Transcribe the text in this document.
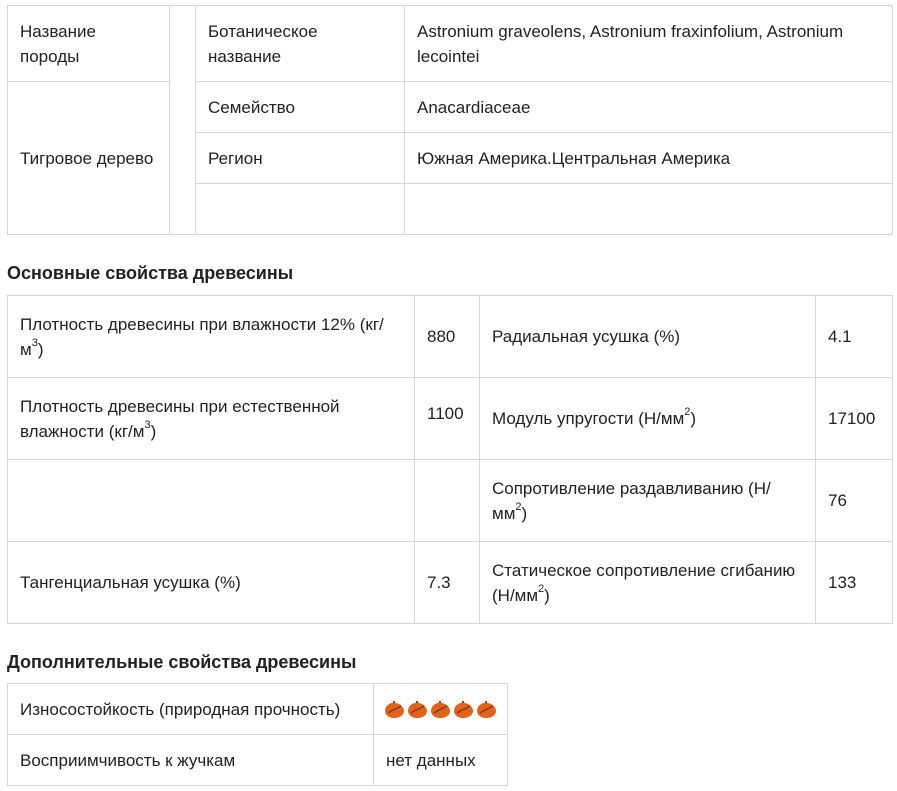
Название породы		Ботаническое название	Astronium graveolens, Astronium fraxinfolium, Astronium lecointei
Тигровое дерево		Семейство	Anacardiaceae
		Регион	Южная Америка.Центральная Америка

Основные свойства древесины
Плотность древесины при влажности 12% $(кг/м^3)$	880	Радиальная усушка (%)	4.1
Плотность древесины при естественной влажности $(кг/м^3)$	1100	Модуль упругости $(Н/мм^2)$	17100
		Сопротивление раздавливанию $(Н/мм^2)$	76
Тангенциальная усушка (%)	7.3	Статическое сопротивление сгибанию $(Н/мм^2)$	133
Дополнительные свойства древесины
Износостойкость (природная прочность)	
Восприимчивость к жучкам	нет данных
